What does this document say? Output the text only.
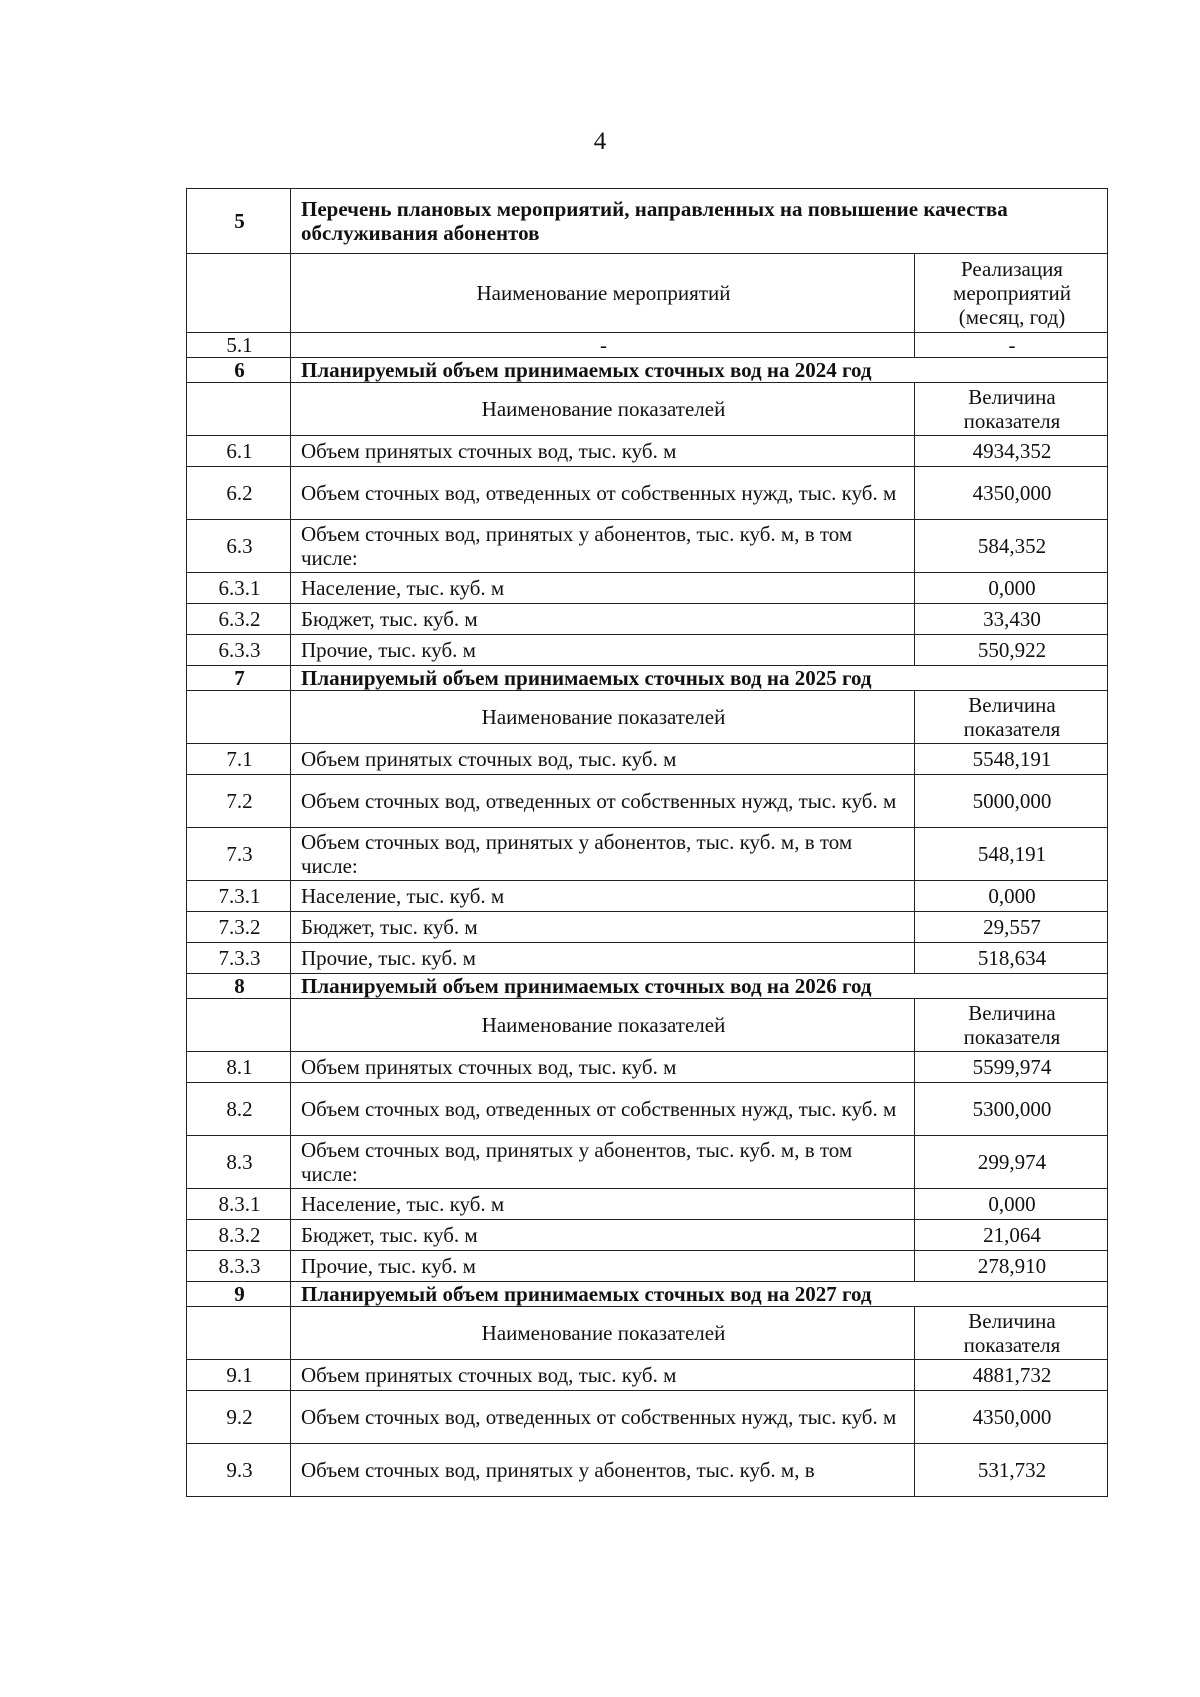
4
5	Перечень плановых мероприятий, направленных на повышение качества обслуживания абонентов	
	Наименование мероприятий	Реализация мероприятий (месяц, год)
5.1	-	-
6	Планируемый объем принимаемых сточных вод на 2024 год	
	Наименование показателей	Величина показателя
6.1	Объем принятых сточных вод, тыс. куб. м	4934,352
6.2	Объем сточных вод, отведенных от собственных нужд, тыс. куб. м	4350,000
6.3	Объем сточных вод, принятых у абонентов, тыс. куб. м, в том числе:	584,352
6.3.1	Население, тыс. куб. м	0,000
6.3.2	Бюджет, тыс. куб. м	33,430
6.3.3	Прочие, тыс. куб. м	550,922
7	Планируемый объем принимаемых сточных вод на 2025 год	
	Наименование показателей	Величина показателя
7.1	Объем принятых сточных вод, тыс. куб. м	5548,191
7.2	Объем сточных вод, отведенных от собственных нужд, тыс. куб. м	5000,000
7.3	Объем сточных вод, принятых у абонентов, тыс. куб. м, в том числе:	548,191
7.3.1	Население, тыс. куб. м	0,000
7.3.2	Бюджет, тыс. куб. м	29,557
7.3.3	Прочие, тыс. куб. м	518,634
8	Планируемый объем принимаемых сточных вод на 2026 год	
	Наименование показателей	Величина показателя
8.1	Объем принятых сточных вод, тыс. куб. м	5599,974
8.2	Объем сточных вод, отведенных от собственных нужд, тыс. куб. м	5300,000
8.3	Объем сточных вод, принятых у абонентов, тыс. куб. м, в том числе:	299,974
8.3.1	Население, тыс. куб. м	0,000
8.3.2	Бюджет, тыс. куб. м	21,064
8.3.3	Прочие, тыс. куб. м	278,910
9	Планируемый объем принимаемых сточных вод на 2027 год	
	Наименование показателей	Величина показателя
9.1	Объем принятых сточных вод, тыс. куб. м	4881,732
9.2	Объем сточных вод, отведенных от собственных нужд, тыс. куб. м	4350,000
9.3	Объем сточных вод, принятых у абонентов, тыс. куб. м, в	531,732
